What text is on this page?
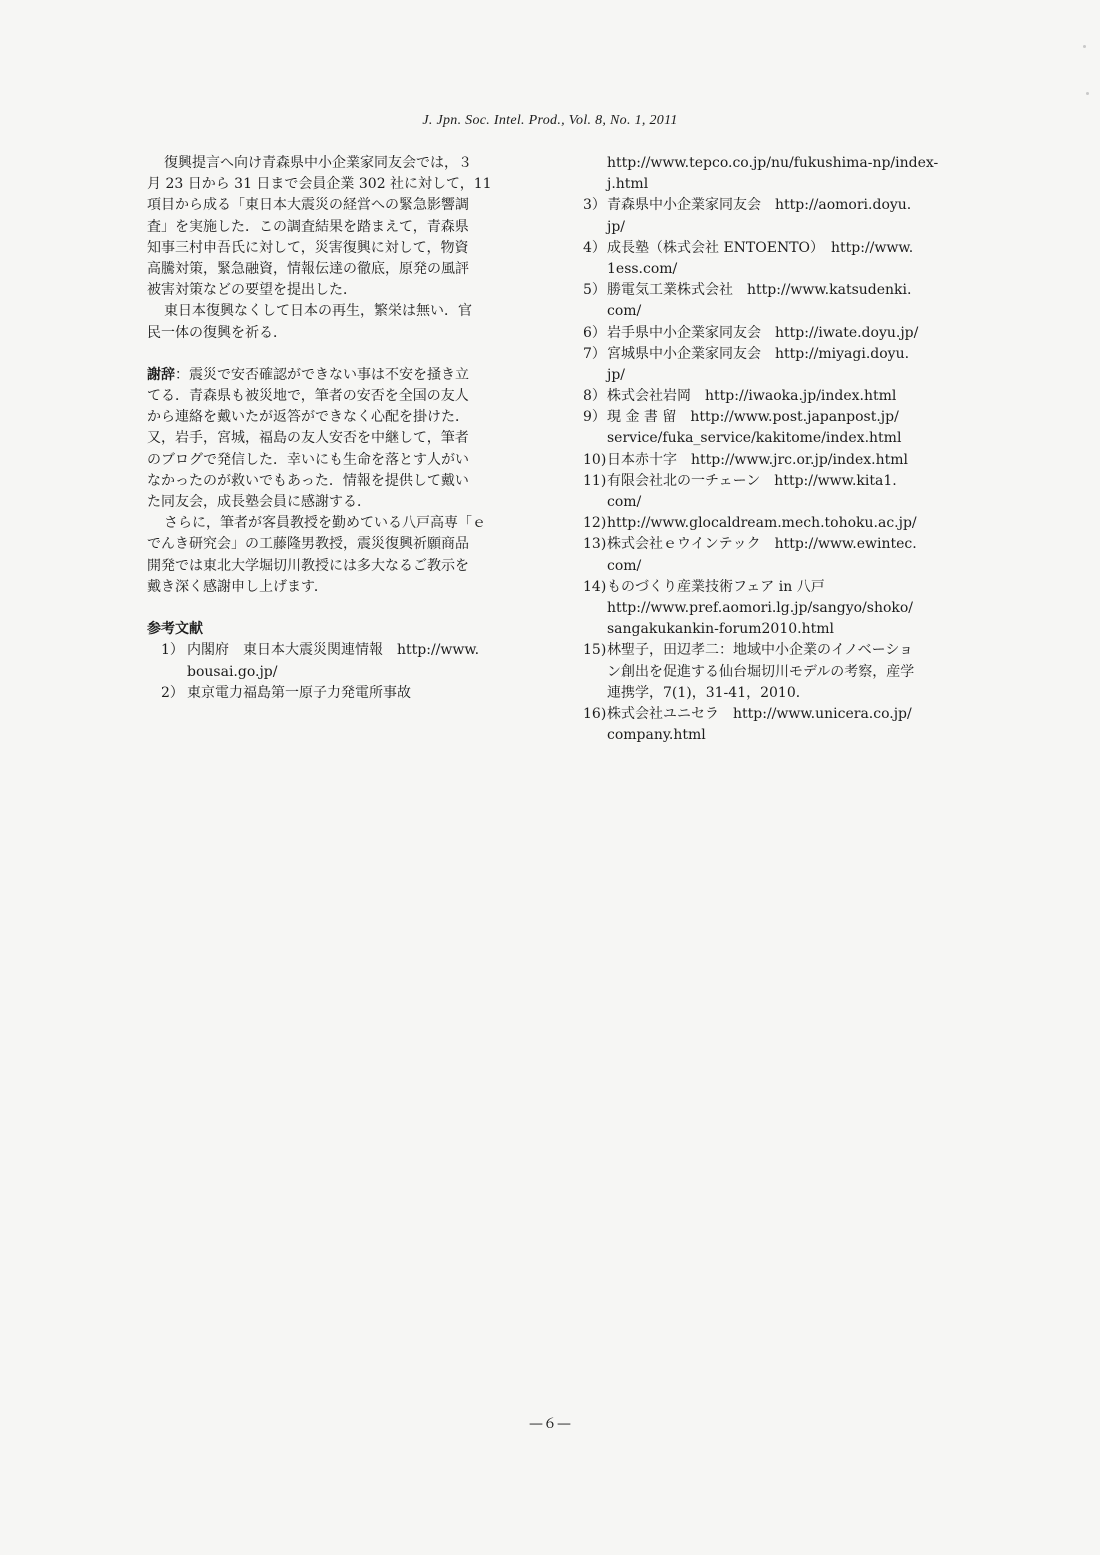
J. Jpn. Soc. Intel. Prod., Vol. 8, No. 1, 2011
復興提言へ向け青森県中小企業家同友会では，３
月 23 日から 31 日まで会員企業 302 社に対して，11
項目から成る「東日本大震災の経営への緊急影響調
査」を実施した．この調査結果を踏まえて，青森県
知事三村申吾氏に対して，災害復興に対して，物資
高騰対策，緊急融資，情報伝達の徹底，原発の風評
被害対策などの要望を提出した．
東日本復興なくして日本の再生，繁栄は無い．官
民一体の復興を祈る．
謝辞：震災で安否確認ができない事は不安を掻き立
てる．青森県も被災地で，筆者の安否を全国の友人
から連絡を戴いたが返答ができなく心配を掛けた．
又，岩手，宮城，福島の友人安否を中継して，筆者
のブログで発信した．幸いにも生命を落とす人がい
なかったのが救いでもあった．情報を提供して戴い
た同友会，成長塾会員に感謝する．
さらに，筆者が客員教授を勤めている八戸高専「ｅ
でんき研究会」の工藤隆男教授，震災復興祈願商品
開発では東北大学堀切川教授には多大なるご教示を
戴き深く感謝申し上げます．
参考文献
1） 内閣府　東日本大震災関連情報　http://www.
bousai.go.jp/
2） 東京電力福島第一原子力発電所事故
http://www.tepco.co.jp/nu/fukushima-np/index-
j.html
3） 青森県中小企業家同友会　http://aomori.doyu.
jp/
4） 成長塾（株式会社 ENTOENTO）　http://www.
1ess.com/
5） 勝電気工業株式会社　http://www.katsudenki.
com/
6） 岩手県中小企業家同友会　http://iwate.doyu.jp/
7） 宮城県中小企業家同友会　http://miyagi.doyu.
jp/
8） 株式会社岩岡　http://iwaoka.jp/index.html
9） 現 金 書 留　http://www.post.japanpost.jp/
service/fuka_service/kakitome/index.html
10) 日本赤十字　http://www.jrc.or.jp/index.html
11) 有限会社北の一チェーン　http://www.kita1.
com/
12) http://www.glocaldream.mech.tohoku.ac.jp/
13) 株式会社ｅウインテック　http://www.ewintec.
com/
14) ものづくり産業技術フェア in 八戸
http://www.pref.aomori.lg.jp/sangyo/shoko/
sangakukankin-forum2010.html
15) 林聖子，田辺孝二：地域中小企業のイノベーショ
ン創出を促進する仙台堀切川モデルの考察，産学
連携学，7(1)，31-41，2010．
16) 株式会社ユニセラ　http://www.unicera.co.jp/
company.html
—６—
